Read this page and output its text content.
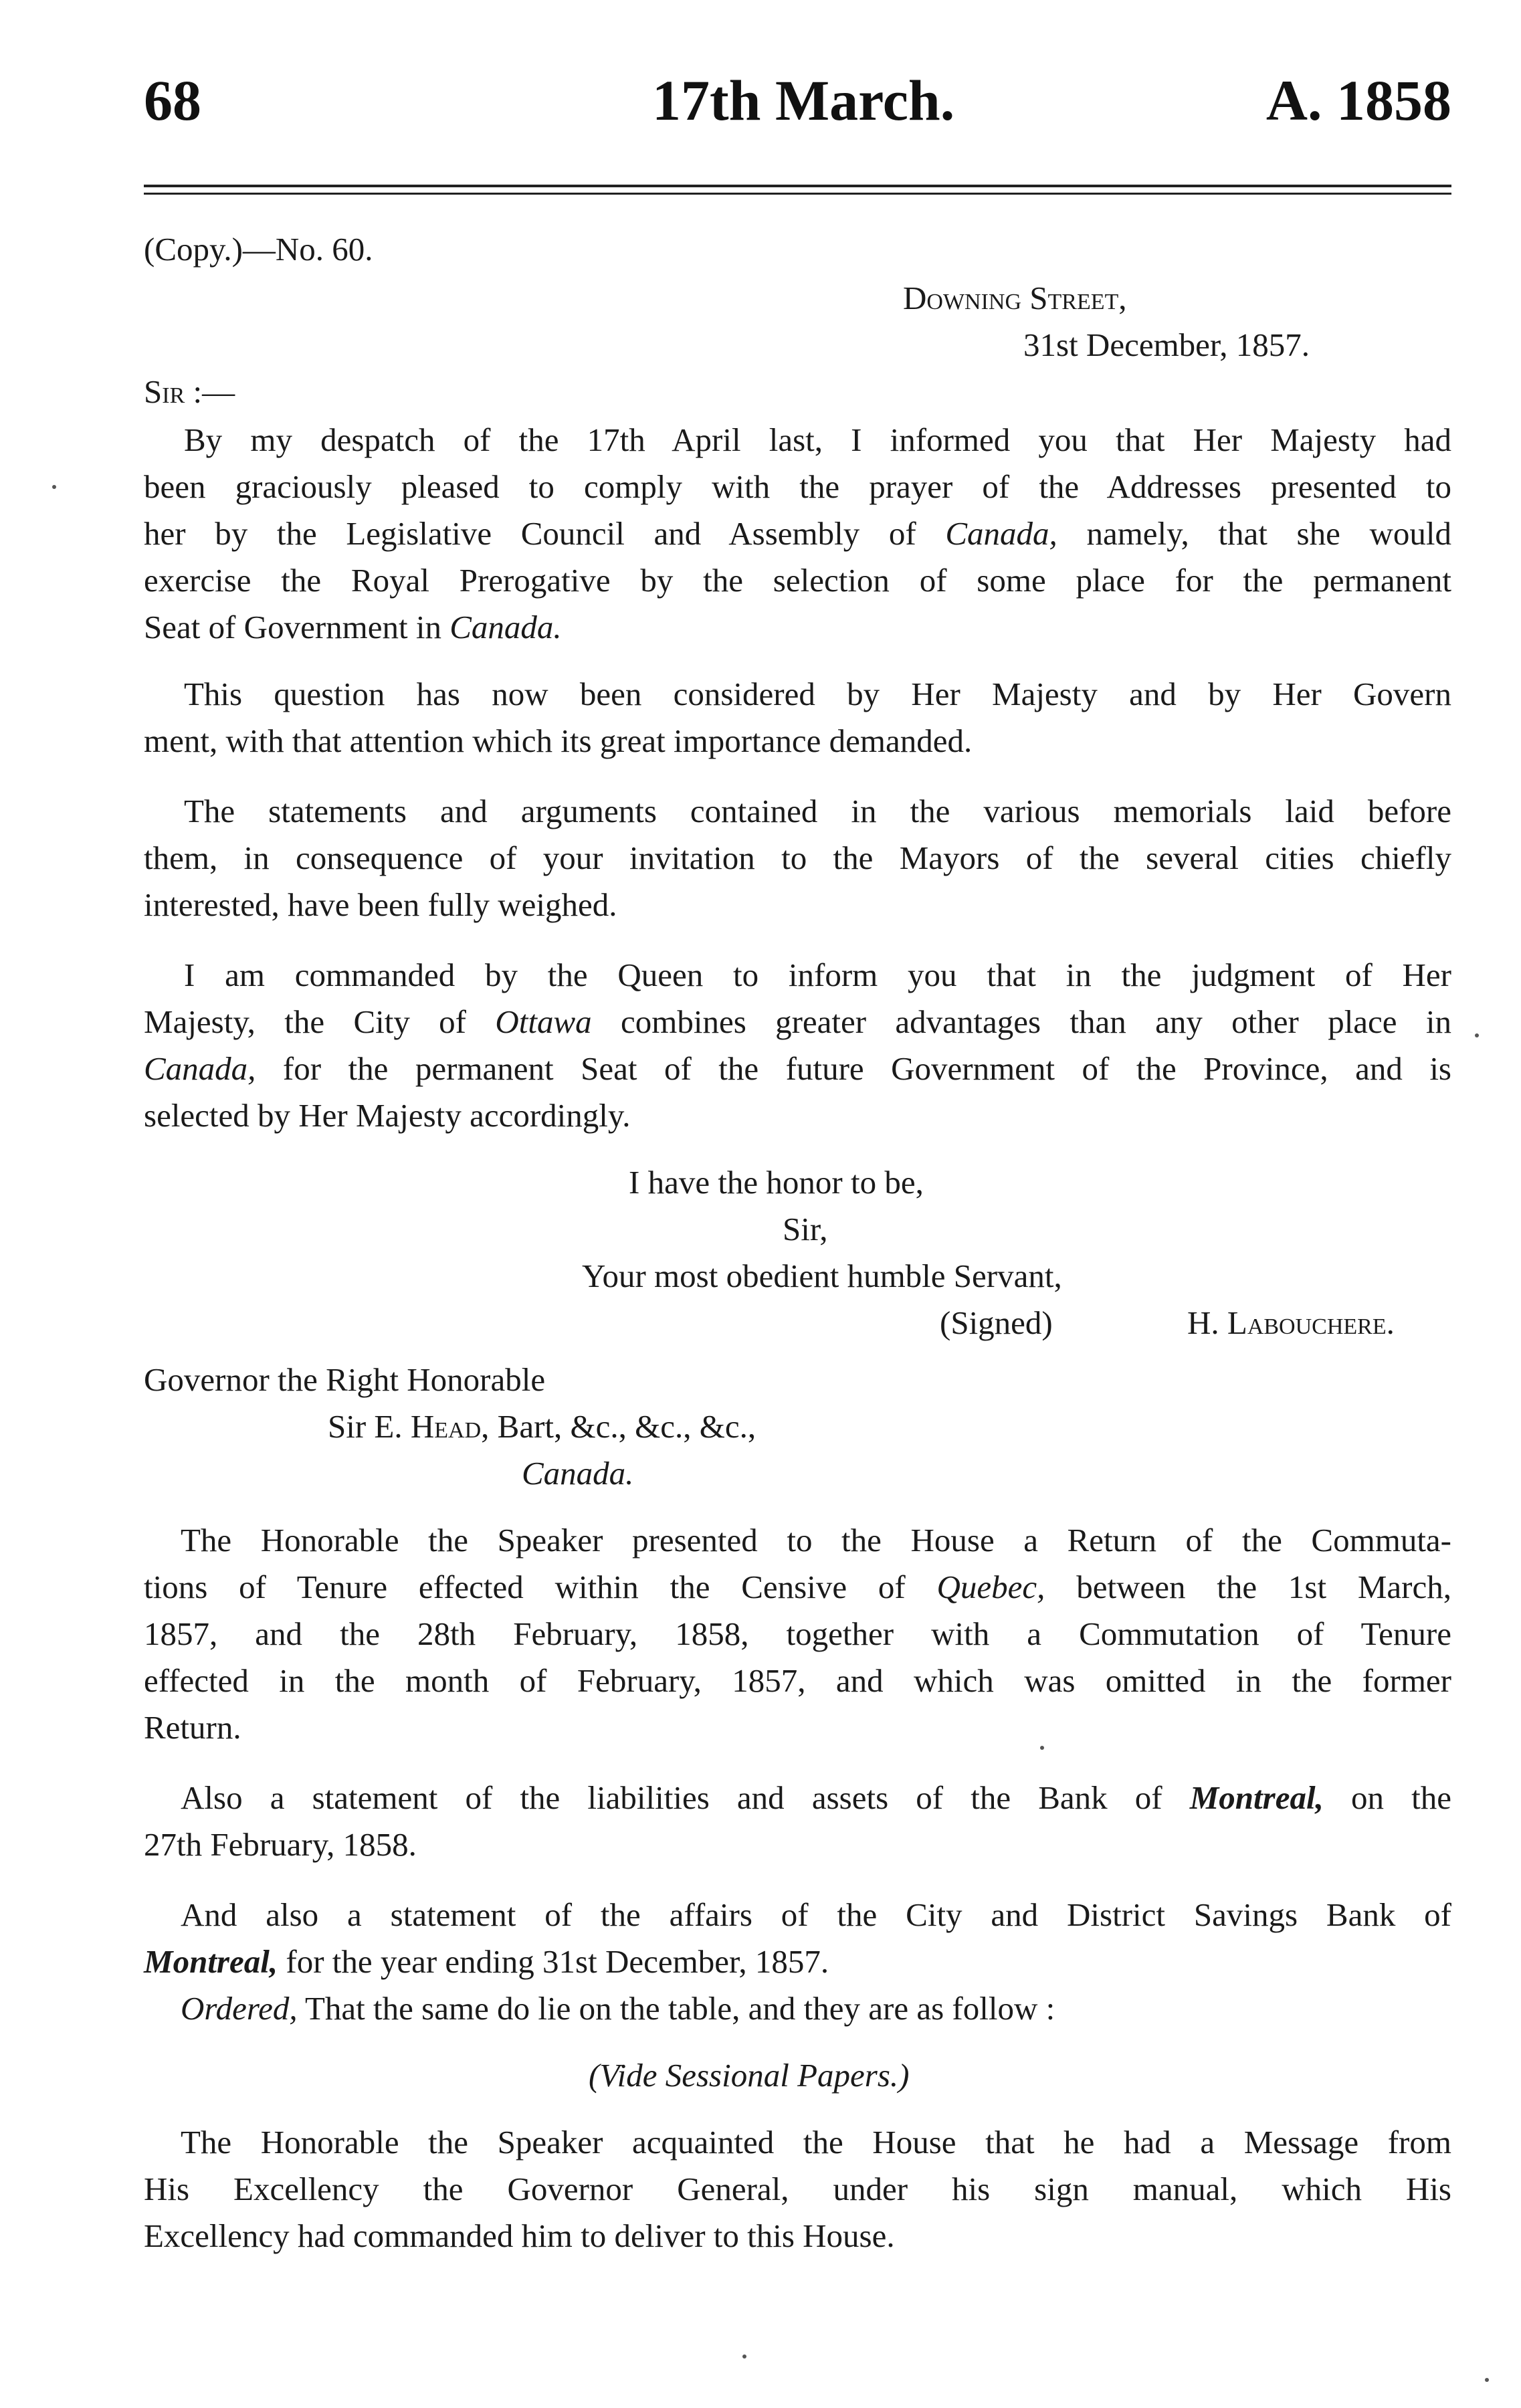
68	17th March.	A. 1858
(Copy.)—No. 60.
Downing Street,
31st December, 1857.
Sir :—
By my despatch of the 17th April last, I informed you that Her Majesty had
been graciously pleased to comply with the prayer of the Addresses presented to
her by the Legislative Council and Assembly of Canada, namely, that she would
exercise the Royal Prerogative by the selection of some place for the permanent
Seat of Government in Canada.
This question has now been considered by Her Majesty and by Her Govern
ment, with that attention which its great importance demanded.
The statements and arguments contained in the various memorials laid before
them, in consequence of your invitation to the Mayors of the several cities chiefly
interested, have been fully weighed.
I am commanded by the Queen to inform you that in the judgment of Her
Majesty, the City of Ottawa combines greater advantages than any other place in
Canada, for the permanent Seat of the future Government of the Province, and is
selected by Her Majesty accordingly.
I have the honor to be,
Sir,
Your most obedient humble Servant,
(Signed)	H. Labouchere.
Governor the Right Honorable
Sir E. Head, Bart, &c., &c., &c.,
Canada.
The Honorable the Speaker presented to the House a Return of the Commuta-
tions of Tenure effected within the Censive of Quebec, between the 1st March,
1857, and the 28th February, 1858, together with a Commutation of Tenure
effected in the month of February, 1857, and which was omitted in the former
Return.
Also a statement of the liabilities and assets of the Bank of Montreal, on the
27th February, 1858.
And also a statement of the affairs of the City and District Savings Bank of
Montreal, for the year ending 31st December, 1857.
Ordered, That the same do lie on the table, and they are as follow :
(Vide Sessional Papers.)
The Honorable the Speaker acquainted the House that he had a Message from
His Excellency the Governor General, under his sign manual, which His
Excellency had commanded him to deliver to this House.
